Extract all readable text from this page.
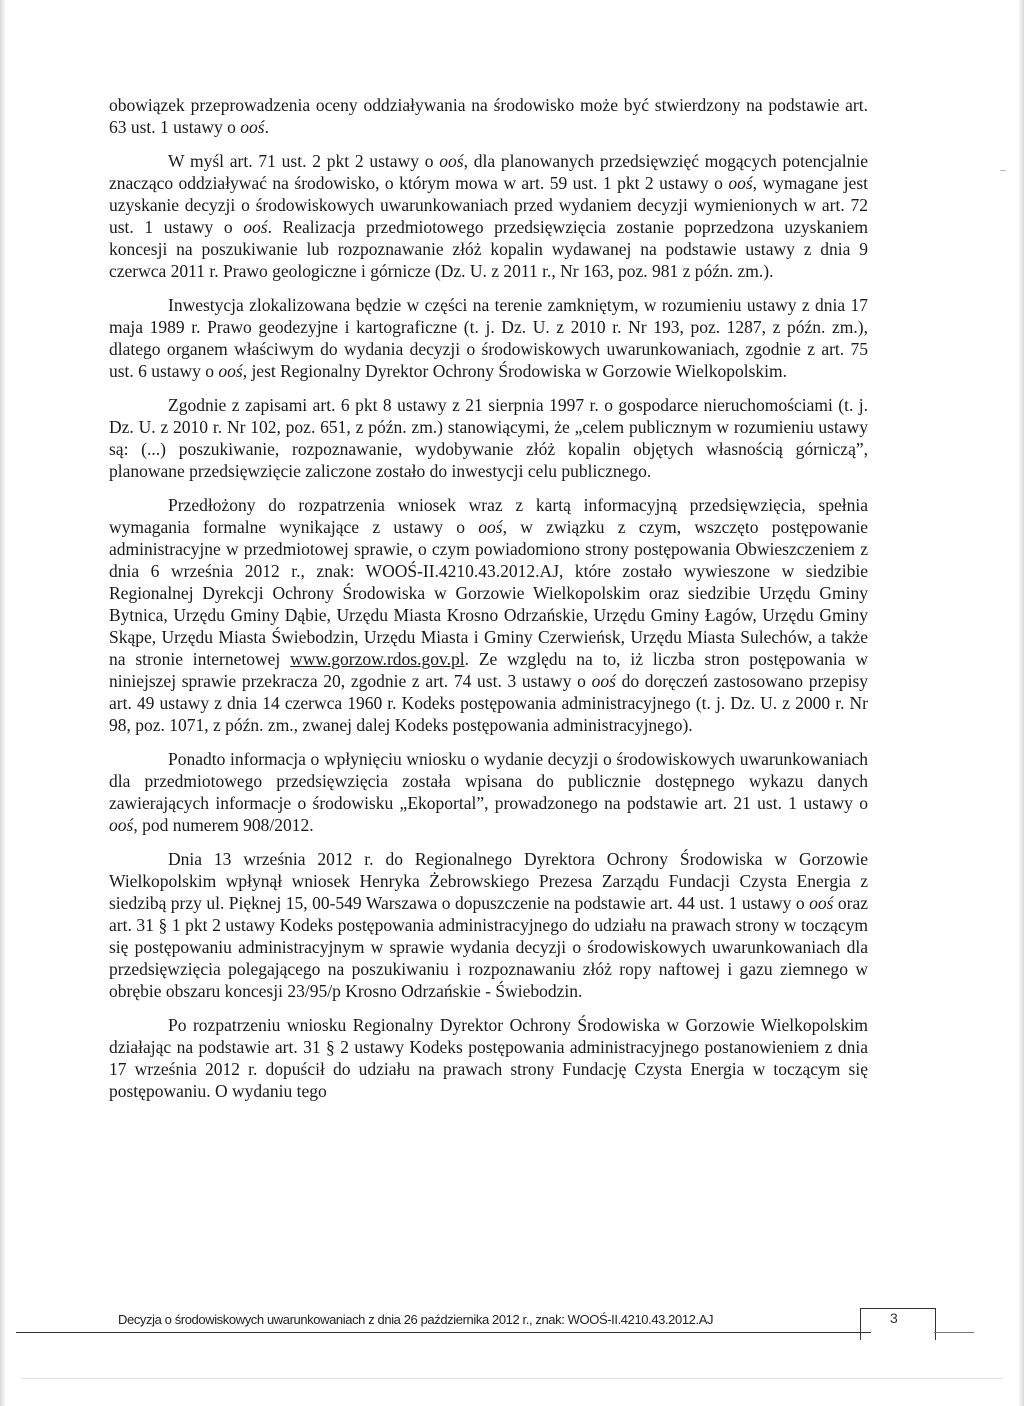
obowiązek przeprowadzenia oceny oddziaływania na środowisko może być stwierdzony na podstawie art. 63 ust. 1 ustawy o ooś.

W myśl art. 71 ust. 2 pkt 2 ustawy o ooś, dla planowanych przedsięwzięć mogących potencjalnie znacząco oddziaływać na środowisko, o którym mowa w art. 59 ust. 1 pkt 2 ustawy o ooś, wymagane jest uzyskanie decyzji o środowiskowych uwarunkowaniach przed wydaniem decyzji wymienionych w art. 72 ust. 1 ustawy o ooś. Realizacja przedmiotowego przedsięwzięcia zostanie poprzedzona uzyskaniem koncesji na poszukiwanie lub rozpoznawanie złóż kopalin wydawanej na podstawie ustawy z dnia 9 czerwca 2011 r. Prawo geologiczne i górnicze (Dz. U. z 2011 r., Nr 163, poz. 981 z późn. zm.).

Inwestycja zlokalizowana będzie w części na terenie zamkniętym, w rozumieniu ustawy z dnia 17 maja 1989 r. Prawo geodezyjne i kartograficzne (t. j. Dz. U. z 2010 r. Nr 193, poz. 1287, z późn. zm.), dlatego organem właściwym do wydania decyzji o środowiskowych uwarunkowaniach, zgodnie z art. 75 ust. 6 ustawy o ooś, jest Regionalny Dyrektor Ochrony Środowiska w Gorzowie Wielkopolskim.

Zgodnie z zapisami art. 6 pkt 8 ustawy z 21 sierpnia 1997 r. o gospodarce nieruchomościami (t. j. Dz. U. z 2010 r. Nr 102, poz. 651, z późn. zm.) stanowiącymi, że „celem publicznym w rozumieniu ustawy są: (...) poszukiwanie, rozpoznawanie, wydobywanie złóż kopalin objętych własnością górniczą”, planowane przedsięwzięcie zaliczone zostało do inwestycji celu publicznego.

Przedłożony do rozpatrzenia wniosek wraz z kartą informacyjną przedsięwzięcia, spełnia wymagania formalne wynikające z ustawy o ooś, w związku z czym, wszczęto postępowanie administracyjne w przedmiotowej sprawie, o czym powiadomiono strony postępowania Obwieszczeniem z dnia 6 września 2012 r., znak: WOOŚ-II.4210.43.2012.AJ, które zostało wywieszone w siedzibie Regionalnej Dyrekcji Ochrony Środowiska w Gorzowie Wielkopolskim oraz siedzibie Urzędu Gminy Bytnica, Urzędu Gminy Dąbie, Urzędu Miasta Krosno Odrzańskie, Urzędu Gminy Łagów, Urzędu Gminy Skąpe, Urzędu Miasta Świebodzin, Urzędu Miasta i Gminy Czerwieńsk, Urzędu Miasta Sulechów, a także na stronie internetowej www.gorzow.rdos.gov.pl. Ze względu na to, iż liczba stron postępowania w niniejszej sprawie przekracza 20, zgodnie z art. 74 ust. 3 ustawy o ooś do doręczeń zastosowano przepisy art. 49 ustawy z dnia 14 czerwca 1960 r. Kodeks postępowania administracyjnego (t. j. Dz. U. z 2000 r. Nr 98, poz. 1071, z późn. zm., zwanej dalej Kodeks postępowania administracyjnego).

Ponadto informacja o wpłynięciu wniosku o wydanie decyzji o środowiskowych uwarunkowaniach dla przedmiotowego przedsięwzięcia została wpisana do publicznie dostępnego wykazu danych zawierających informacje o środowisku „Ekoportal”, prowadzonego na podstawie art. 21 ust. 1 ustawy o ooś, pod numerem 908/2012.

Dnia 13 września 2012 r. do Regionalnego Dyrektora Ochrony Środowiska w Gorzowie Wielkopolskim wpłynął wniosek Henryka Żebrowskiego Prezesa Zarządu Fundacji Czysta Energia z siedzibą przy ul. Pięknej 15, 00-549 Warszawa o dopuszczenie na podstawie art. 44 ust. 1 ustawy o ooś oraz art. 31 § 1 pkt 2 ustawy Kodeks postępowania administracyjnego do udziału na prawach strony w toczącym się postępowaniu administracyjnym w sprawie wydania decyzji o środowiskowych uwarunkowaniach dla przedsięwzięcia polegającego na poszukiwaniu i rozpoznawaniu złóż ropy naftowej i gazu ziemnego w obrębie obszaru koncesji 23/95/p Krosno Odrzańskie - Świebodzin.

Po rozpatrzeniu wniosku Regionalny Dyrektor Ochrony Środowiska w Gorzowie Wielkopolskim działając na podstawie art. 31 § 2 ustawy Kodeks postępowania administracyjnego postanowieniem z dnia 17 września 2012 r. dopuścił do udziału na prawach strony Fundację Czysta Energia w toczącym się postępowaniu. O wydaniu tego

Decyzja o środowiskowych uwarunkowaniach z dnia 26 października 2012 r., znak: WOOŚ-II.4210.43.2012.AJ	3
